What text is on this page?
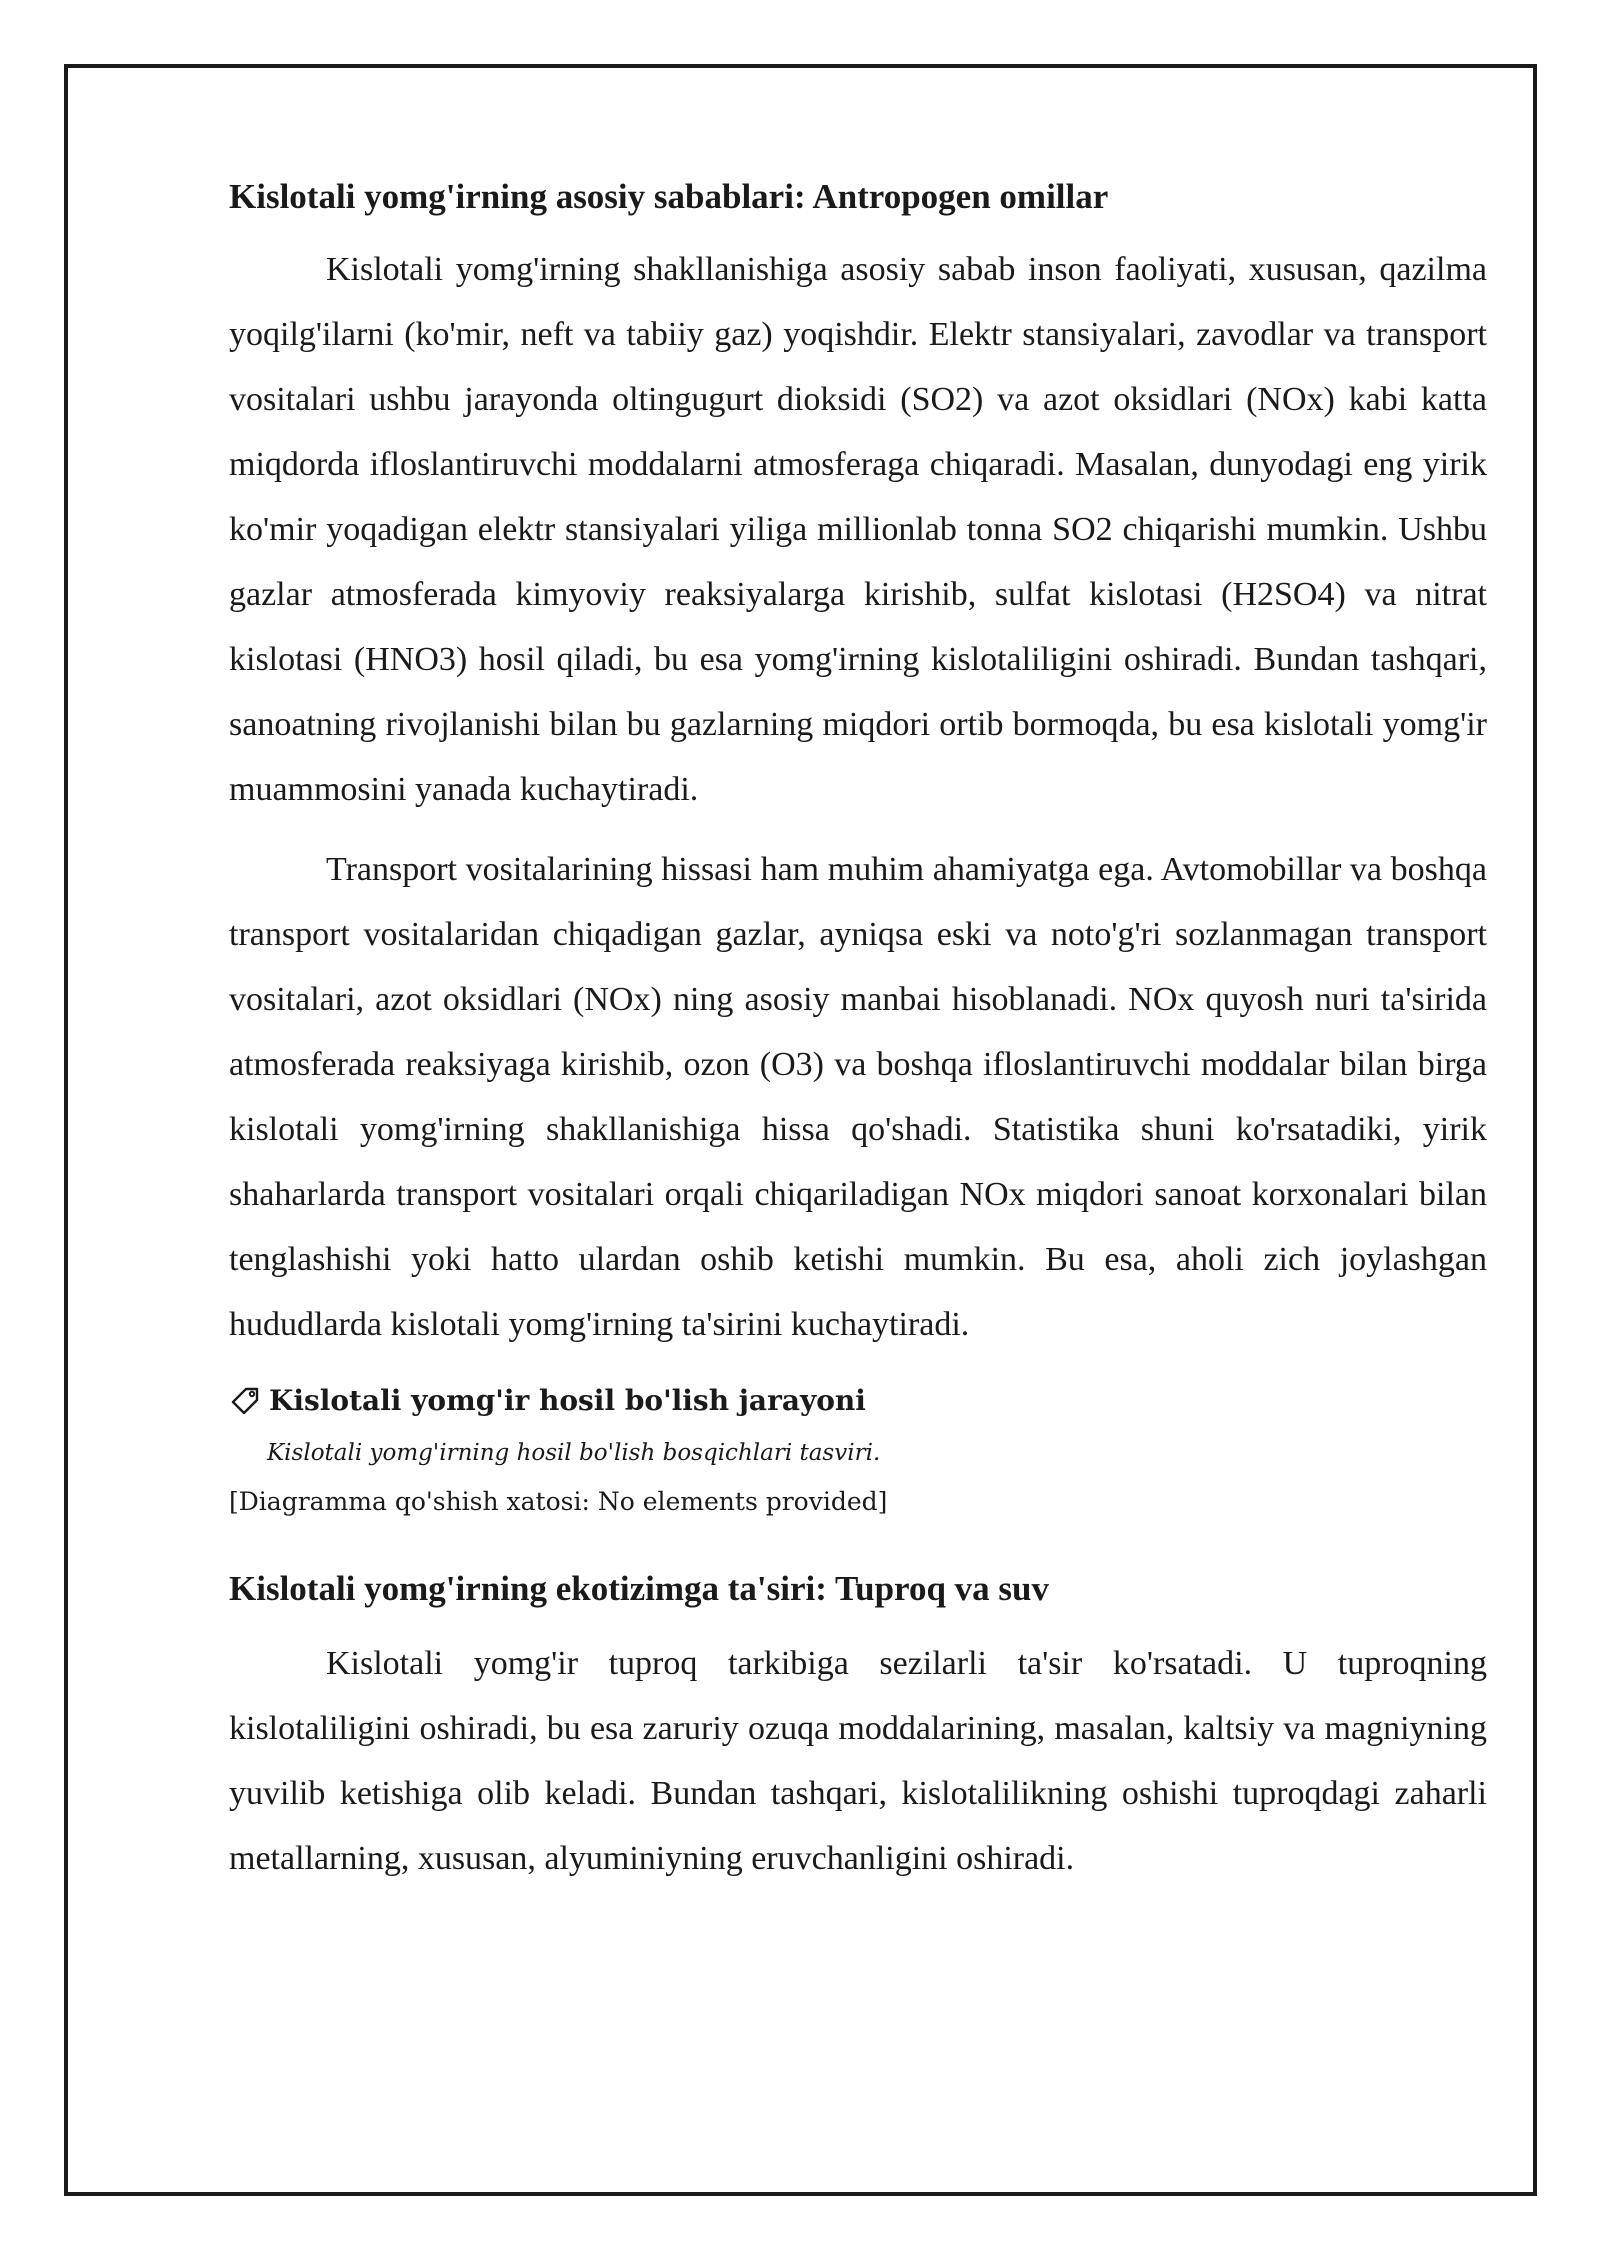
Kislotali yomg'irning asosiy sabablari: Antropogen omillar

Kislotali yomg'irning shakllanishiga asosiy sabab inson faoliyati, xususan, qazilma yoqilg'ilarni (ko'mir, neft va tabiiy gaz) yoqishdir. Elektr stansiyalari, zavodlar va transport vositalari ushbu jarayonda oltingugurt dioksidi (SO2) va azot oksidlari (NOx) kabi katta miqdorda ifloslantiruvchi moddalarni atmosferaga chiqaradi. Masalan, dunyodagi eng yirik ko'mir yoqadigan elektr stansiyalari yiliga millionlab tonna SO2 chiqarishi mumkin. Ushbu gazlar atmosferada kimyoviy reaksiyalarga kirishib, sulfat kislotasi (H2SO4) va nitrat kislotasi (HNO3) hosil qiladi, bu esa yomg'irning kislotaliligini oshiradi. Bundan tashqari, sanoatning rivojlanishi bilan bu gazlarning miqdori ortib bormoqda, bu esa kislotali yomg'ir muammosini yanada kuchaytiradi.

Transport vositalarining hissasi ham muhim ahamiyatga ega. Avtomobillar va boshqa transport vositalaridan chiqadigan gazlar, ayniqsa eski va noto'g'ri sozlanmagan transport vositalari, azot oksidlari (NOx) ning asosiy manbai hisoblanadi. NOx quyosh nuri ta'sirida atmosferada reaksiyaga kirishib, ozon (O3) va boshqa ifloslantiruvchi moddalar bilan birga kislotali yomg'irning shakllanishiga hissa qo'shadi. Statistika shuni ko'rsatadiki, yirik shaharlarda transport vositalari orqali chiqariladigan NOx miqdori sanoat korxonalari bilan tenglashishi yoki hatto ulardan oshib ketishi mumkin. Bu esa, aholi zich joylashgan hududlarda kislotali yomg'irning ta'sirini kuchaytiradi.

Kislotali yomg'ir hosil bo'lish jarayoni
Kislotali yomg'irning hosil bo'lish bosqichlari tasviri.
[Diagramma qo'shish xatosi: No elements provided]
Kislotali yomg'irning ekotizimga ta'siri: Tuproq va suv

Kislotali yomg'ir tuproq tarkibiga sezilarli ta'sir ko'rsatadi. U tuproqning kislotaliligini oshiradi, bu esa zaruriy ozuqa moddalarining, masalan, kaltsiy va magniyning yuvilib ketishiga olib keladi. Bundan tashqari, kislotalilikning oshishi tuproqdagi zaharli metallarning, xususan, alyuminiyning eruvchanligini oshiradi.
